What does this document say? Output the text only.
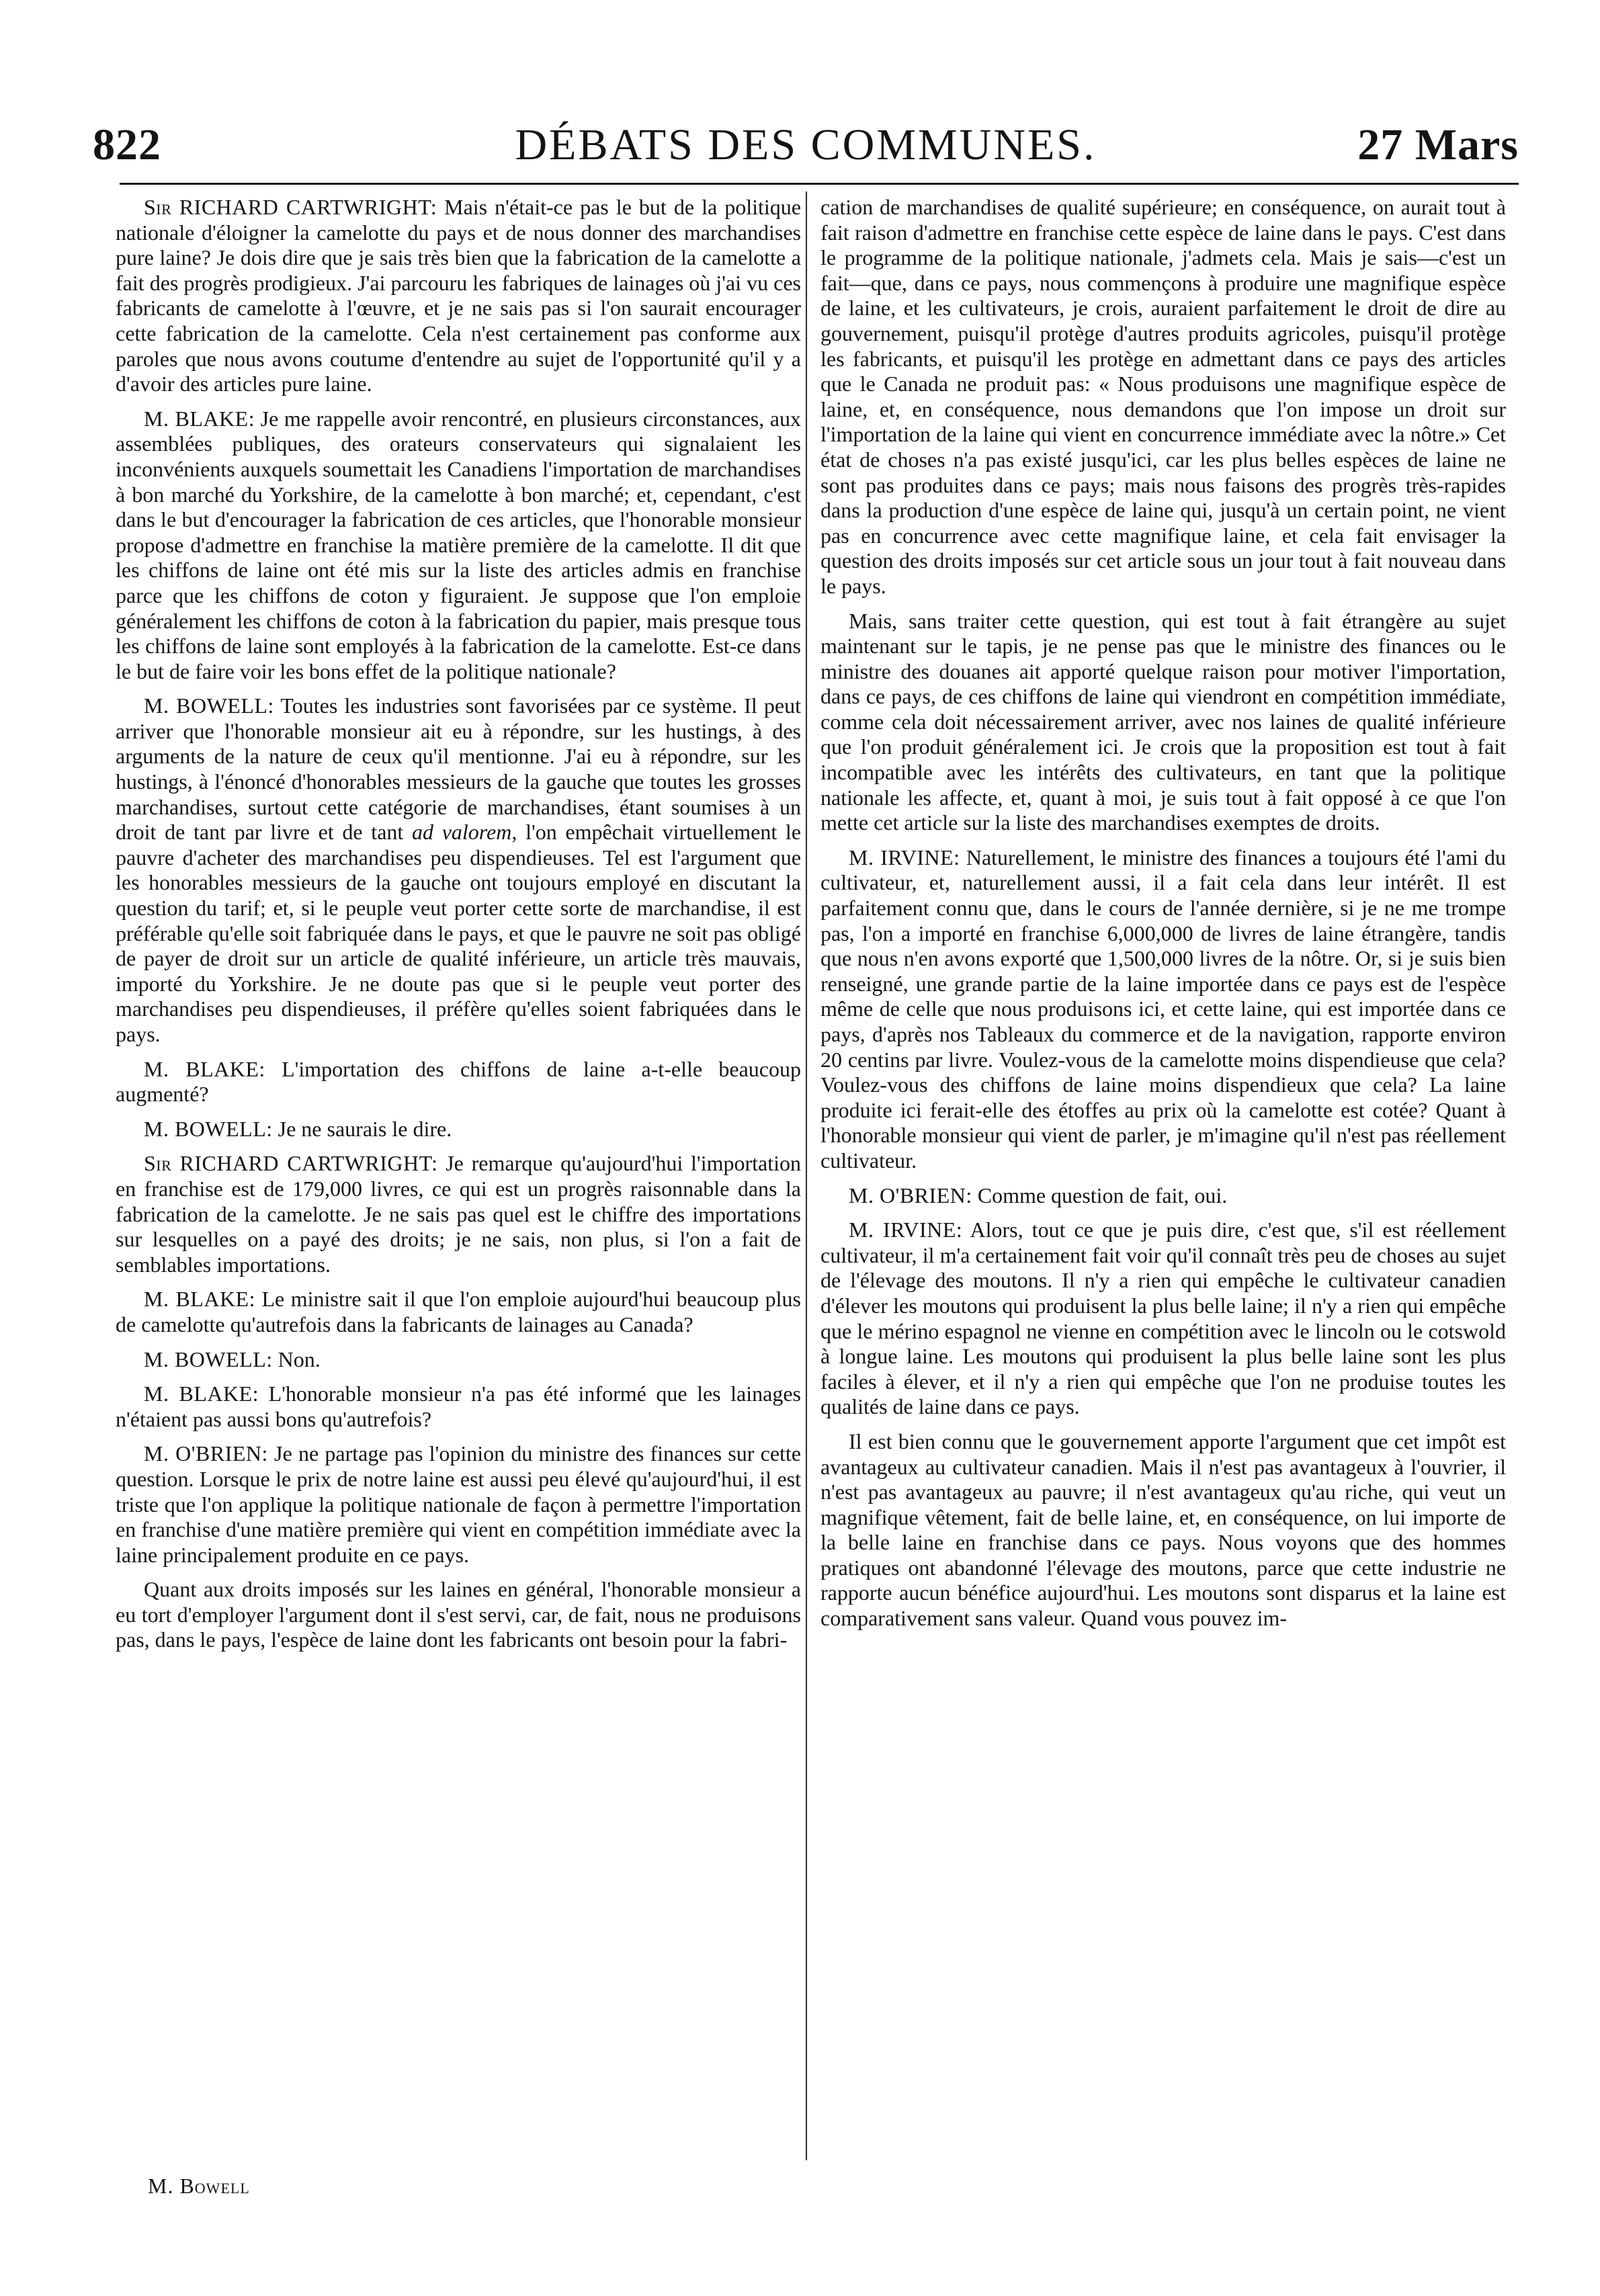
822	DÉBATS DES COMMUNES.	27 Mars

Sir RICHARD CARTWRIGHT: Mais n'était-ce pas le but de la politique nationale d'éloigner la camelotte du pays et de nous donner des marchandises pure laine? Je dois dire que je sais très bien que la fabrication de la camelotte a fait des progrès prodigieux. J'ai parcouru les fabriques de lainages où j'ai vu ces fabricants de camelotte à l'œuvre, et je ne sais pas si l'on saurait encourager cette fabrication de la camelotte. Cela n'est certainement pas conforme aux paroles que nous avons coutume d'entendre au sujet de l'opportunité qu'il y a d'avoir des articles pure laine.

M. BLAKE: Je me rappelle avoir rencontré, en plusieurs circonstances, aux assemblées publiques, des orateurs conservateurs qui signalaient les inconvénients auxquels soumettait les Canadiens l'importation de marchandises à bon marché du Yorkshire, de la camelotte à bon marché; et, cependant, c'est dans le but d'encourager la fabrication de ces articles, que l'honorable monsieur propose d'admettre en franchise la matière première de la camelotte. Il dit que les chiffons de laine ont été mis sur la liste des articles admis en franchise parce que les chiffons de coton y figuraient. Je suppose que l'on emploie généralement les chiffons de coton à la fabrication du papier, mais presque tous les chiffons de laine sont employés à la fabrication de la camelotte. Est-ce dans le but de faire voir les bons effet de la politique nationale?

M. BOWELL: Toutes les industries sont favorisées par ce système. Il peut arriver que l'honorable monsieur ait eu à répondre, sur les hustings, à des arguments de la nature de ceux qu'il mentionne. J'ai eu à répondre, sur les hustings, à l'énoncé d'honorables messieurs de la gauche que toutes les grosses marchandises, surtout cette catégorie de marchandises, étant soumises à un droit de tant par livre et de tant ad valorem, l'on empêchait virtuellement le pauvre d'acheter des marchandises peu dispendieuses. Tel est l'argument que les honorables messieurs de la gauche ont toujours employé en discutant la question du tarif; et, si le peuple veut porter cette sorte de marchandise, il est préférable qu'elle soit fabriquée dans le pays, et que le pauvre ne soit pas obligé de payer de droit sur un article de qualité inférieure, un article très mauvais, importé du Yorkshire. Je ne doute pas que si le peuple veut porter des marchandises peu dispendieuses, il préfère qu'elles soient fabriquées dans le pays.

M. BLAKE: L'importation des chiffons de laine a-t-elle beaucoup augmenté?

M. BOWELL: Je ne saurais le dire.

Sir RICHARD CARTWRIGHT: Je remarque qu'aujourd'hui l'importation en franchise est de 179,000 livres, ce qui est un progrès raisonnable dans la fabrication de la camelotte. Je ne sais pas quel est le chiffre des importations sur lesquelles on a payé des droits; je ne sais, non plus, si l'on a fait de semblables importations.

M. BLAKE: Le ministre sait il que l'on emploie aujourd'hui beaucoup plus de camelotte qu'autrefois dans la fabricants de lainages au Canada?

M. BOWELL: Non.

M. BLAKE: L'honorable monsieur n'a pas été informé que les lainages n'étaient pas aussi bons qu'autrefois?

M. O'BRIEN: Je ne partage pas l'opinion du ministre des finances sur cette question. Lorsque le prix de notre laine est aussi peu élevé qu'aujourd'hui, il est triste que l'on applique la politique nationale de façon à permettre l'importation en franchise d'une matière première qui vient en compétition immédiate avec la laine principalement produite en ce pays.

Quant aux droits imposés sur les laines en général, l'honorable monsieur a eu tort d'employer l'argument dont il s'est servi, car, de fait, nous ne produisons pas, dans le pays, l'espèce de laine dont les fabricants ont besoin pour la fabri-

cation de marchandises de qualité supérieure; en conséquence, on aurait tout à fait raison d'admettre en franchise cette espèce de laine dans le pays. C'est dans le programme de la politique nationale, j'admets cela. Mais je sais—c'est un fait—que, dans ce pays, nous commençons à produire une magnifique espèce de laine, et les cultivateurs, je crois, auraient parfaitement le droit de dire au gouvernement, puisqu'il protège d'autres produits agricoles, puisqu'il protège les fabricants, et puisqu'il les protège en admettant dans ce pays des articles que le Canada ne produit pas: « Nous produisons une magnifique espèce de laine, et, en conséquence, nous demandons que l'on impose un droit sur l'importation de la laine qui vient en concurrence immédiate avec la nôtre.» Cet état de choses n'a pas existé jusqu'ici, car les plus belles espèces de laine ne sont pas produites dans ce pays; mais nous faisons des progrès très-rapides dans la production d'une espèce de laine qui, jusqu'à un certain point, ne vient pas en concurrence avec cette magnifique laine, et cela fait envisager la question des droits imposés sur cet article sous un jour tout à fait nouveau dans le pays.

Mais, sans traiter cette question, qui est tout à fait étrangère au sujet maintenant sur le tapis, je ne pense pas que le ministre des finances ou le ministre des douanes ait apporté quelque raison pour motiver l'importation, dans ce pays, de ces chiffons de laine qui viendront en compétition immédiate, comme cela doit nécessairement arriver, avec nos laines de qualité inférieure que l'on produit généralement ici. Je crois que la proposition est tout à fait incompatible avec les intérêts des cultivateurs, en tant que la politique nationale les affecte, et, quant à moi, je suis tout à fait opposé à ce que l'on mette cet article sur la liste des marchandises exemptes de droits.

M. IRVINE: Naturellement, le ministre des finances a toujours été l'ami du cultivateur, et, naturellement aussi, il a fait cela dans leur intérêt. Il est parfaitement connu que, dans le cours de l'année dernière, si je ne me trompe pas, l'on a importé en franchise 6,000,000 de livres de laine étrangère, tandis que nous n'en avons exporté que 1,500,000 livres de la nôtre. Or, si je suis bien renseigné, une grande partie de la laine importée dans ce pays est de l'espèce même de celle que nous produisons ici, et cette laine, qui est importée dans ce pays, d'après nos Tableaux du commerce et de la navigation, rapporte environ 20 centins par livre. Voulez-vous de la camelotte moins dispendieuse que cela? Voulez-vous des chiffons de laine moins dispendieux que cela? La laine produite ici ferait-elle des étoffes au prix où la camelotte est cotée? Quant à l'honorable monsieur qui vient de parler, je m'imagine qu'il n'est pas réellement cultivateur.

M. O'BRIEN: Comme question de fait, oui.

M. IRVINE: Alors, tout ce que je puis dire, c'est que, s'il est réellement cultivateur, il m'a certainement fait voir qu'il connaît très peu de choses au sujet de l'élevage des moutons. Il n'y a rien qui empêche le cultivateur canadien d'élever les moutons qui produisent la plus belle laine; il n'y a rien qui empêche que le mérino espagnol ne vienne en compétition avec le lincoln ou le cotswold à longue laine. Les moutons qui produisent la plus belle laine sont les plus faciles à élever, et il n'y a rien qui empêche que l'on ne produise toutes les qualités de laine dans ce pays.

Il est bien connu que le gouvernement apporte l'argument que cet impôt est avantageux au cultivateur canadien. Mais il n'est pas avantageux à l'ouvrier, il n'est pas avantageux au pauvre; il n'est avantageux qu'au riche, qui veut un magnifique vêtement, fait de belle laine, et, en conséquence, on lui importe de la belle laine en franchise dans ce pays. Nous voyons que des hommes pratiques ont abandonné l'élevage des moutons, parce que cette industrie ne rapporte aucun bénéfice aujourd'hui. Les moutons sont disparus et la laine est comparativement sans valeur. Quand vous pouvez im-

M. Bowell
